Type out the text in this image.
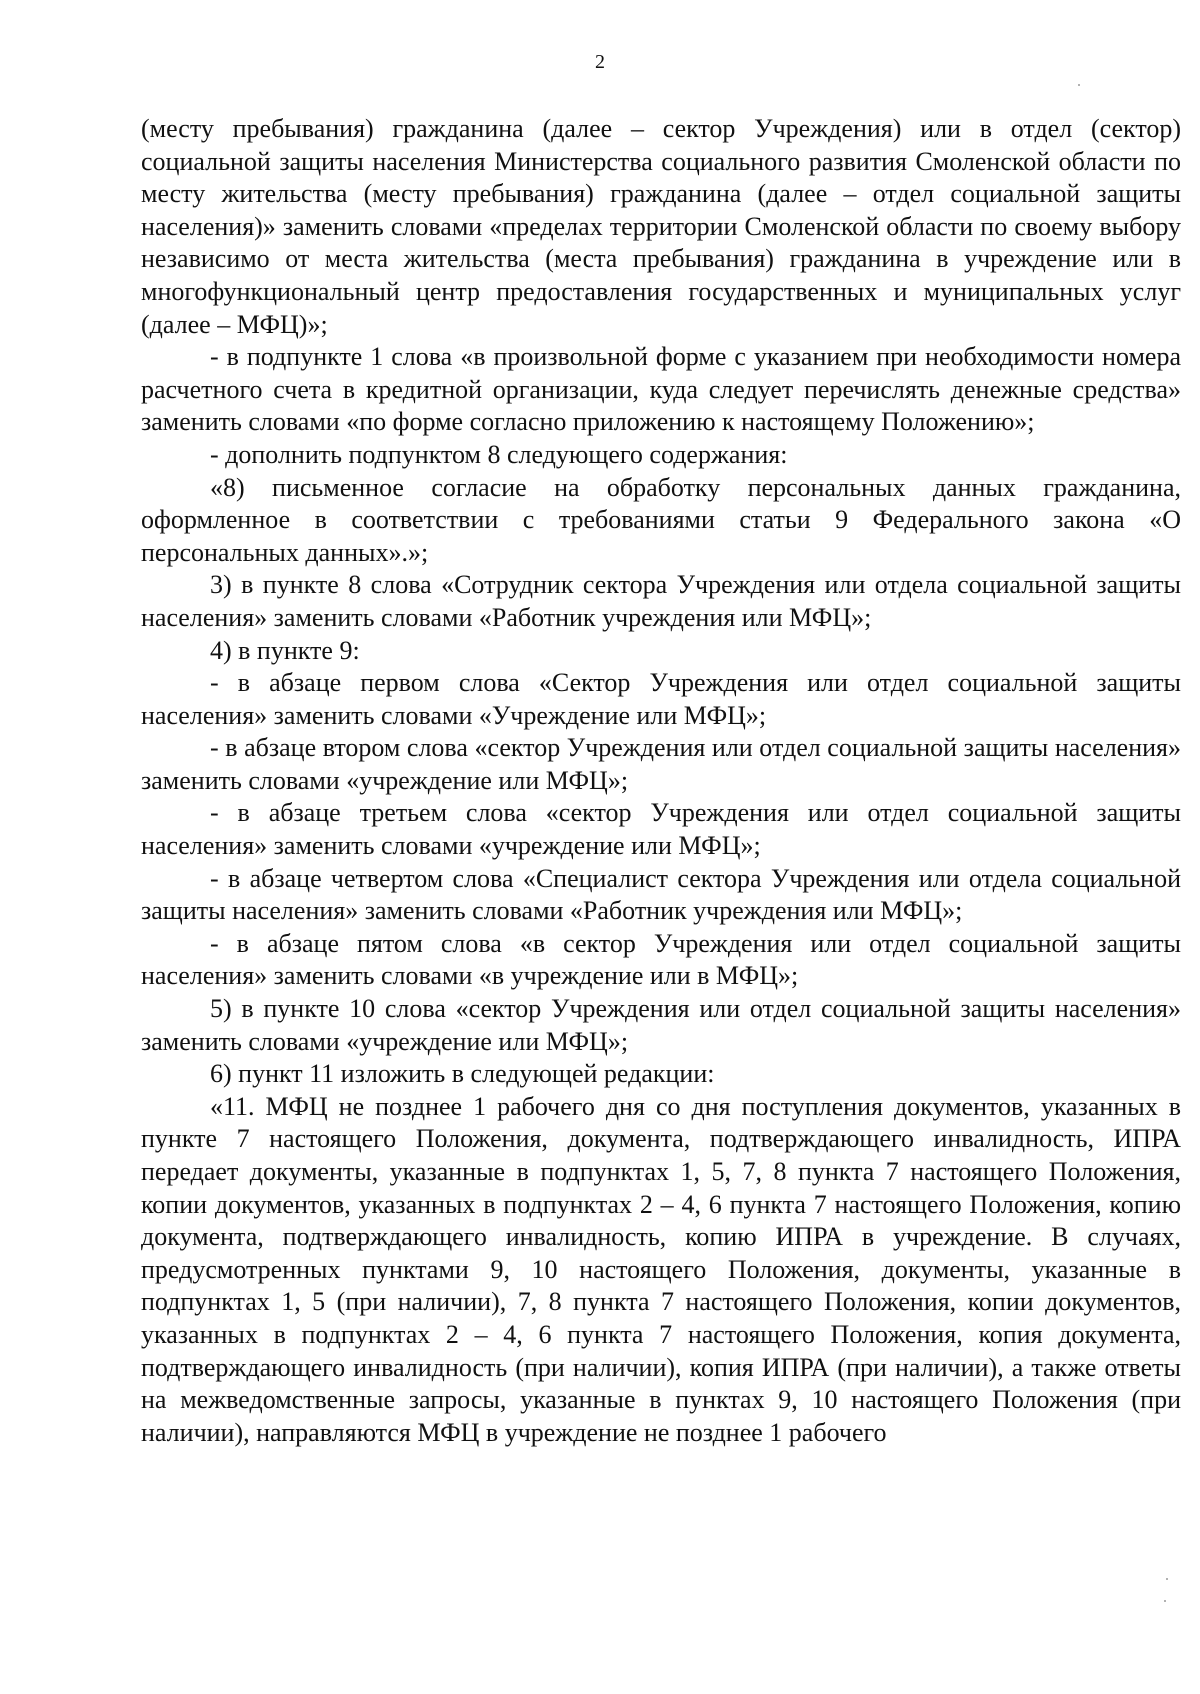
2

(месту пребывания) гражданина (далее – сектор Учреждения) или в отдел (сектор) социальной защиты населения Министерства социального развития Смоленской области по месту жительства (месту пребывания) гражданина (далее – отдел социальной защиты населения)» заменить словами «пределах территории Смоленской области по своему выбору независимо от места жительства (места пребывания) гражданина в учреждение или в многофункциональный центр предоставления государственных и муниципальных услуг (далее – МФЦ)»;

- в подпункте 1 слова «в произвольной форме с указанием при необходимости номера расчетного счета в кредитной организации, куда следует перечислять денежные средства» заменить словами «по форме согласно приложению к настоящему Положению»;

- дополнить подпунктом 8 следующего содержания:

«8) письменное согласие на обработку персональных данных гражданина, оформленное в соответствии с требованиями статьи 9 Федерального закона «О персональных данных».»;

3) в пункте 8 слова «Сотрудник сектора Учреждения или отдела социальной защиты населения» заменить словами «Работник учреждения или МФЦ»;

4) в пункте 9:

- в абзаце первом слова «Сектор Учреждения или отдел социальной защиты населения» заменить словами «Учреждение или МФЦ»;

- в абзаце втором слова «сектор Учреждения или отдел социальной защиты населения» заменить словами «учреждение или МФЦ»;

- в абзаце третьем слова «сектор Учреждения или отдел социальной защиты населения» заменить словами «учреждение или МФЦ»;

- в абзаце четвертом слова «Специалист сектора Учреждения или отдела социальной защиты населения» заменить словами «Работник учреждения или МФЦ»;

- в абзаце пятом слова «в сектор Учреждения или отдел социальной защиты населения» заменить словами «в учреждение или в МФЦ»;

5) в пункте 10 слова «сектор Учреждения или отдел социальной защиты населения» заменить словами «учреждение или МФЦ»;

6) пункт 11 изложить в следующей редакции:

«11. МФЦ не позднее 1 рабочего дня со дня поступления документов, указанных в пункте 7 настоящего Положения, документа, подтверждающего инвалидность, ИПРА передает документы, указанные в подпунктах 1, 5, 7, 8 пункта 7 настоящего Положения, копии документов, указанных в подпунктах 2 – 4, 6 пункта 7 настоящего Положения, копию документа, подтверждающего инвалидность, копию ИПРА в учреждение. В случаях, предусмотренных пунктами 9, 10 настоящего Положения, документы, указанные в подпунктах 1, 5 (при наличии), 7, 8 пункта 7 настоящего Положения, копии документов, указанных в подпунктах 2 – 4, 6 пункта 7 настоящего Положения, копия документа, подтверждающего инвалидность (при наличии), копия ИПРА (при наличии), а также ответы на межведомственные запросы, указанные в пунктах 9, 10 настоящего Положения (при наличии), направляются МФЦ в учреждение не позднее 1 рабочего
